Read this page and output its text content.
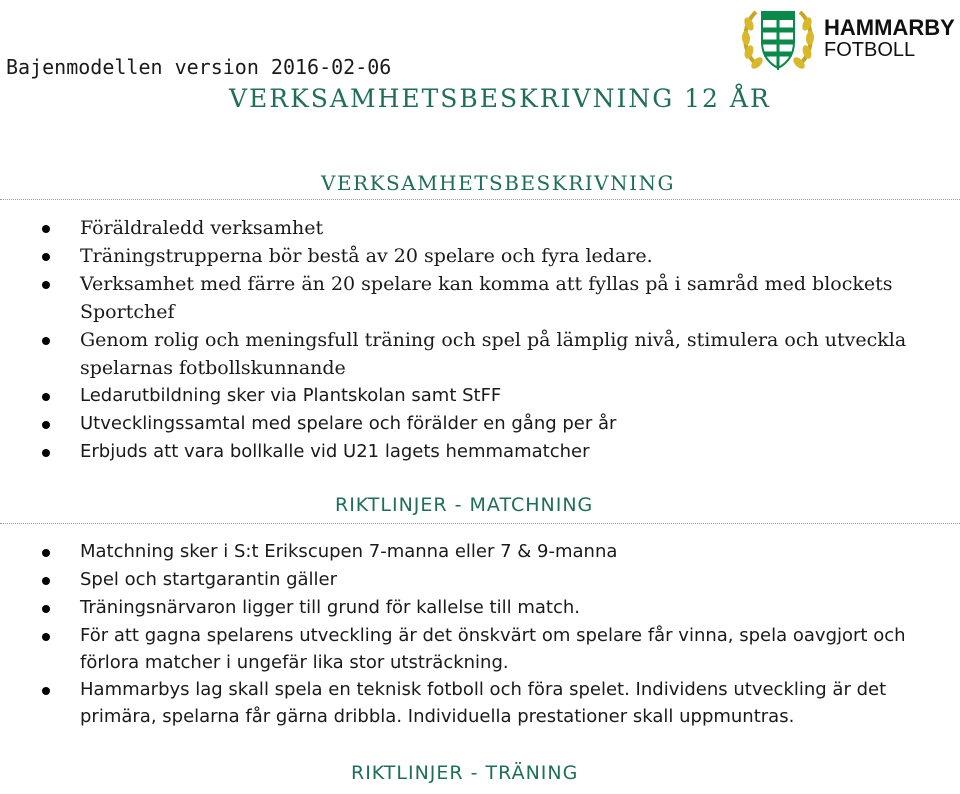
Bajenmodellen version 2016-02-06
VERKSAMHETSBESKRIVNING 12 ÅR
HAMMARBY
FOTBOLL
VERKSAMHETSBESKRIVNING
Föräldraledd verksamhet
Träningstrupperna bör bestå av 20 spelare och fyra ledare.
Verksamhet med färre än 20 spelare kan komma att fyllas på i samråd med blockets Sportchef
Genom rolig och meningsfull träning och spel på lämplig nivå, stimulera och utveckla spelarnas fotbollskunnande
Ledarutbildning sker via Plantskolan samt StFF
Utvecklingssamtal med spelare och förälder en gång per år
Erbjuds att vara bollkalle vid U21 lagets hemmamatcher
RIKTLINJER - MATCHNING
Matchning sker i S:t Erikscupen 7-manna eller 7 & 9-manna
Spel och startgarantin gäller
Träningsnärvaron ligger till grund för kallelse till match.
För att gagna spelarens utveckling är det önskvärt om spelare får vinna, spela oavgjort och förlora matcher i ungefär lika stor utsträckning.
Hammarbys lag skall spela en teknisk fotboll och föra spelet. Individens utveckling är det primära, spelarna får gärna dribbla. Individuella prestationer skall uppmuntras.
RIKTLINJER - TRÄNING
